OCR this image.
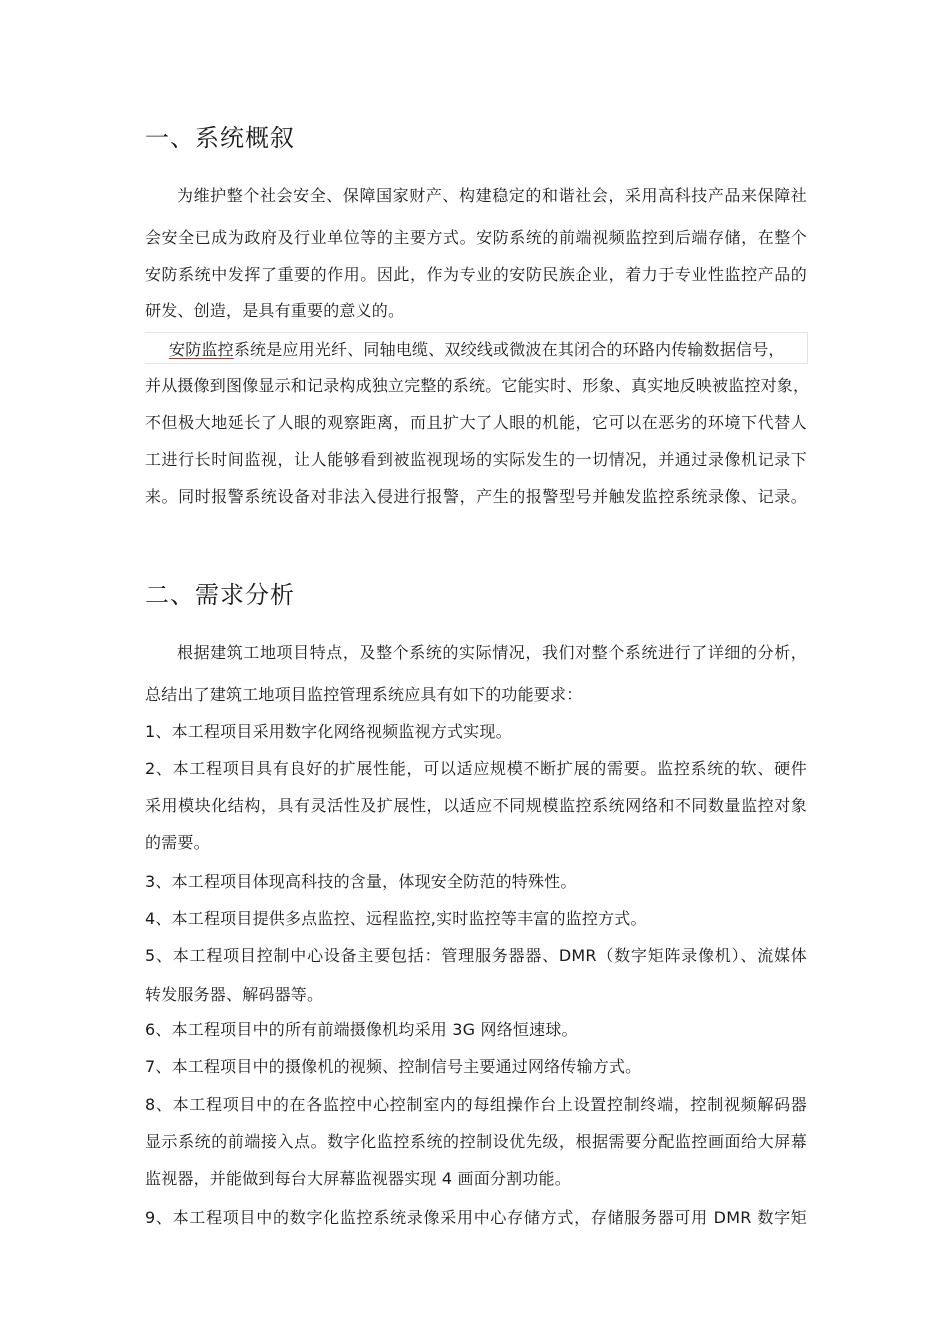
一、系统概叙
为维护整个社会安全、保障国家财产、构建稳定的和谐社会，采用高科技产品来保障社
会安全已成为政府及行业单位等的主要方式。安防系统的前端视频监控到后端存储，在整个
安防系统中发挥了重要的作用。因此，作为专业的安防民族企业，着力于专业性监控产品的
研发、创造，是具有重要的意义的。
安防监控系统是应用光纤、同轴电缆、双绞线或微波在其闭合的环路内传输数据信号，
并从摄像到图像显示和记录构成独立完整的系统。它能实时、形象、真实地反映被监控对象，
不但极大地延长了人眼的观察距离，而且扩大了人眼的机能，它可以在恶劣的环境下代替人
工进行长时间监视，让人能够看到被监视现场的实际发生的一切情况，并通过录像机记录下
来。同时报警系统设备对非法入侵进行报警，产生的报警型号并触发监控系统录像、记录。
二、需求分析
根据建筑工地项目特点，及整个系统的实际情况，我们对整个系统进行了详细的分析，
总结出了建筑工地项目监控管理系统应具有如下的功能要求：
1、本工程项目采用数字化网络视频监视方式实现。
2、本工程项目具有良好的扩展性能，可以适应规模不断扩展的需要。监控系统的软、硬件
采用模块化结构，具有灵活性及扩展性，以适应不同规模监控系统网络和不同数量监控对象
的需要。
3、本工程项目体现高科技的含量，体现安全防范的特殊性。
4、本工程项目提供多点监控、远程监控,实时监控等丰富的监控方式。
5、本工程项目控制中心设备主要包括：管理服务器器、DMR（数字矩阵录像机）、流媒体
转发服务器、解码器等。
6、本工程项目中的所有前端摄像机均采用 3G 网络恒速球。
7、本工程项目中的摄像机的视频、控制信号主要通过网络传输方式。
8、本工程项目中的在各监控中心控制室内的每组操作台上设置控制终端，控制视频解码器
显示系统的前端接入点。数字化监控系统的控制设优先级，根据需要分配监控画面给大屏幕
监视器，并能做到每台大屏幕监视器实现 4 画面分割功能。
9、本工程项目中的数字化监控系统录像采用中心存储方式，存储服务器可用 DMR 数字矩
